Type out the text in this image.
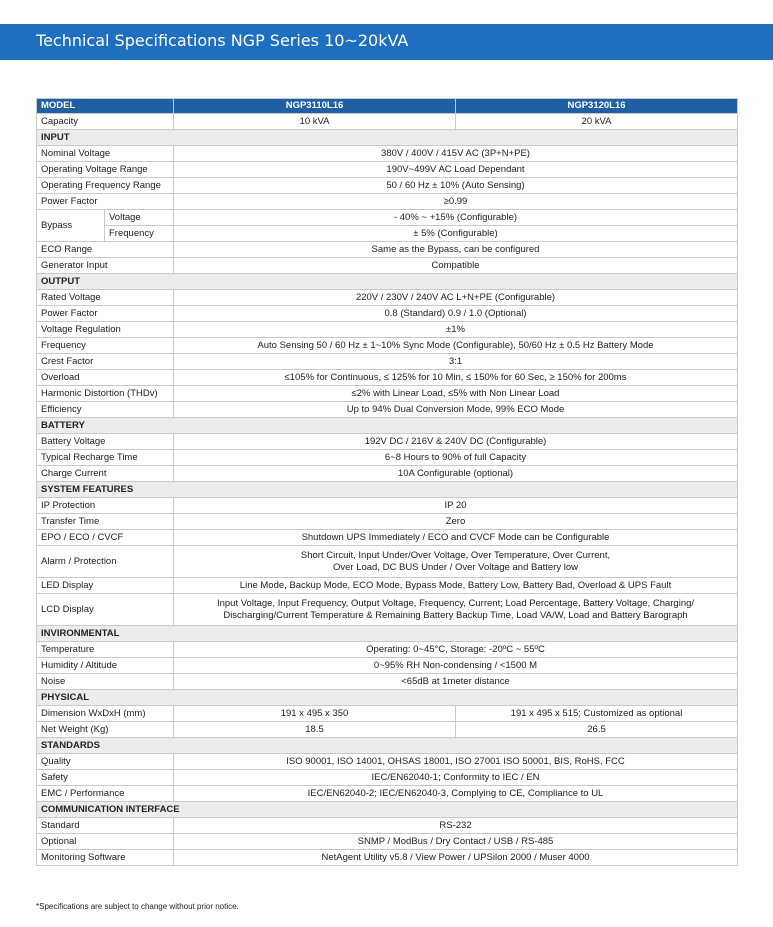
Technical Specifications NGP Series 10~20kVA
MODEL		NGP3110L16	NGP3120L16
Capacity		10 kVA	20 kVA
INPUT			
Nominal Voltage		380V / 400V / 415V AC (3P+N+PE)	
Operating Voltage Range		190V~499V AC Load Dependant	
Operating Frequency Range		50 / 60 Hz ± 10% (Auto Sensing)	
Power Factor		≥0.99	
Bypass	Voltage	- 40% ~ +15% (Configurable)	
	Frequency	± 5% (Configurable)	
ECO Range		Same as the Bypass, can be configured	
Generator Input		Compatible	
OUTPUT			
Rated Voltage		220V / 230V / 240V AC L+N+PE (Configurable)	
Power Factor		0.8 (Standard) 0.9 / 1.0 (Optional)	
Voltage Regulation		±1%	
Frequency		Auto Sensing 50 / 60 Hz ± 1~10% Sync Mode (Configurable), 50/60 Hz ± 0.5 Hz Battery Mode	
Crest Factor		3:1	
Overload		≤105% for Continuous, ≤ 125% for 10 Min, ≤ 150% for 60 Sec, ≥ 150% for 200ms	
Harmonic Distortion (THDv)		≤2% with Linear Load, ≤5% with Non Linear Load	
Efficiency		Up to 94% Dual Conversion Mode, 99% ECO Mode	
BATTERY			
Battery Voltage		192V DC / 216V & 240V DC (Configurable)	
Typical Recharge Time		6~8 Hours to 90% of full Capacity	
Charge Current		10A Configurable (optional)	
SYSTEM FEATURES			
IP Protection		IP 20	
Transfer Time		Zero	
EPO / ECO / CVCF		Shutdown UPS Immediately / ECO and CVCF Mode can be Configurable	
Alarm / Protection		Short Circuit, Input Under/Over Voltage, Over Temperature, Over Current,
Over Load, DC BUS Under / Over Voltage and Battery low	

LED Display		Line Mode, Backup Mode, ECO Mode, Bypass Mode, Battery Low, Battery Bad, Overload & UPS Fault	
LCD Display		Input Voltage, Input Frequency, Output Voltage, Frequency, Current; Load Percentage, Battery Voltage, Charging/
Discharging/Current Temperature & Remaining Battery Backup Time, Load VA/W, Load and Battery Barograph	

INVIRONMENTAL			
Temperature		Operating: 0~45°C, Storage: -20ºC ~ 55ºC	
Humidity / Altitude		0~95% RH Non-condensing / <1500 M	
Noise		<65dB at 1meter distance	
PHYSICAL			
Dimension WxDxH (mm)		191 x 495 x 350	191 x 495 x 515; Customized as optional
Net Weight (Kg)		18.5	26.5
STANDARDS			
Quality		ISO 90001, ISO 14001, OHSAS 18001, ISO 27001 ISO 50001, BIS, RoHS, FCC	
Safety		IEC/EN62040-1; Conformity to IEC / EN	
EMC / Performance		IEC/EN62040-2; IEC/EN62040-3, Complying to CE, Compliance to UL	
COMMUNICATION INTERFACE			
Standard		RS-232	
Optional		SNMP / ModBus / Dry Contact / USB / RS-485	
Monitoring Software		NetAgent Utility v5.8 / View Power / UPSilon 2000 / Muser 4000	
*Specifications are subject to change without prior notice.
